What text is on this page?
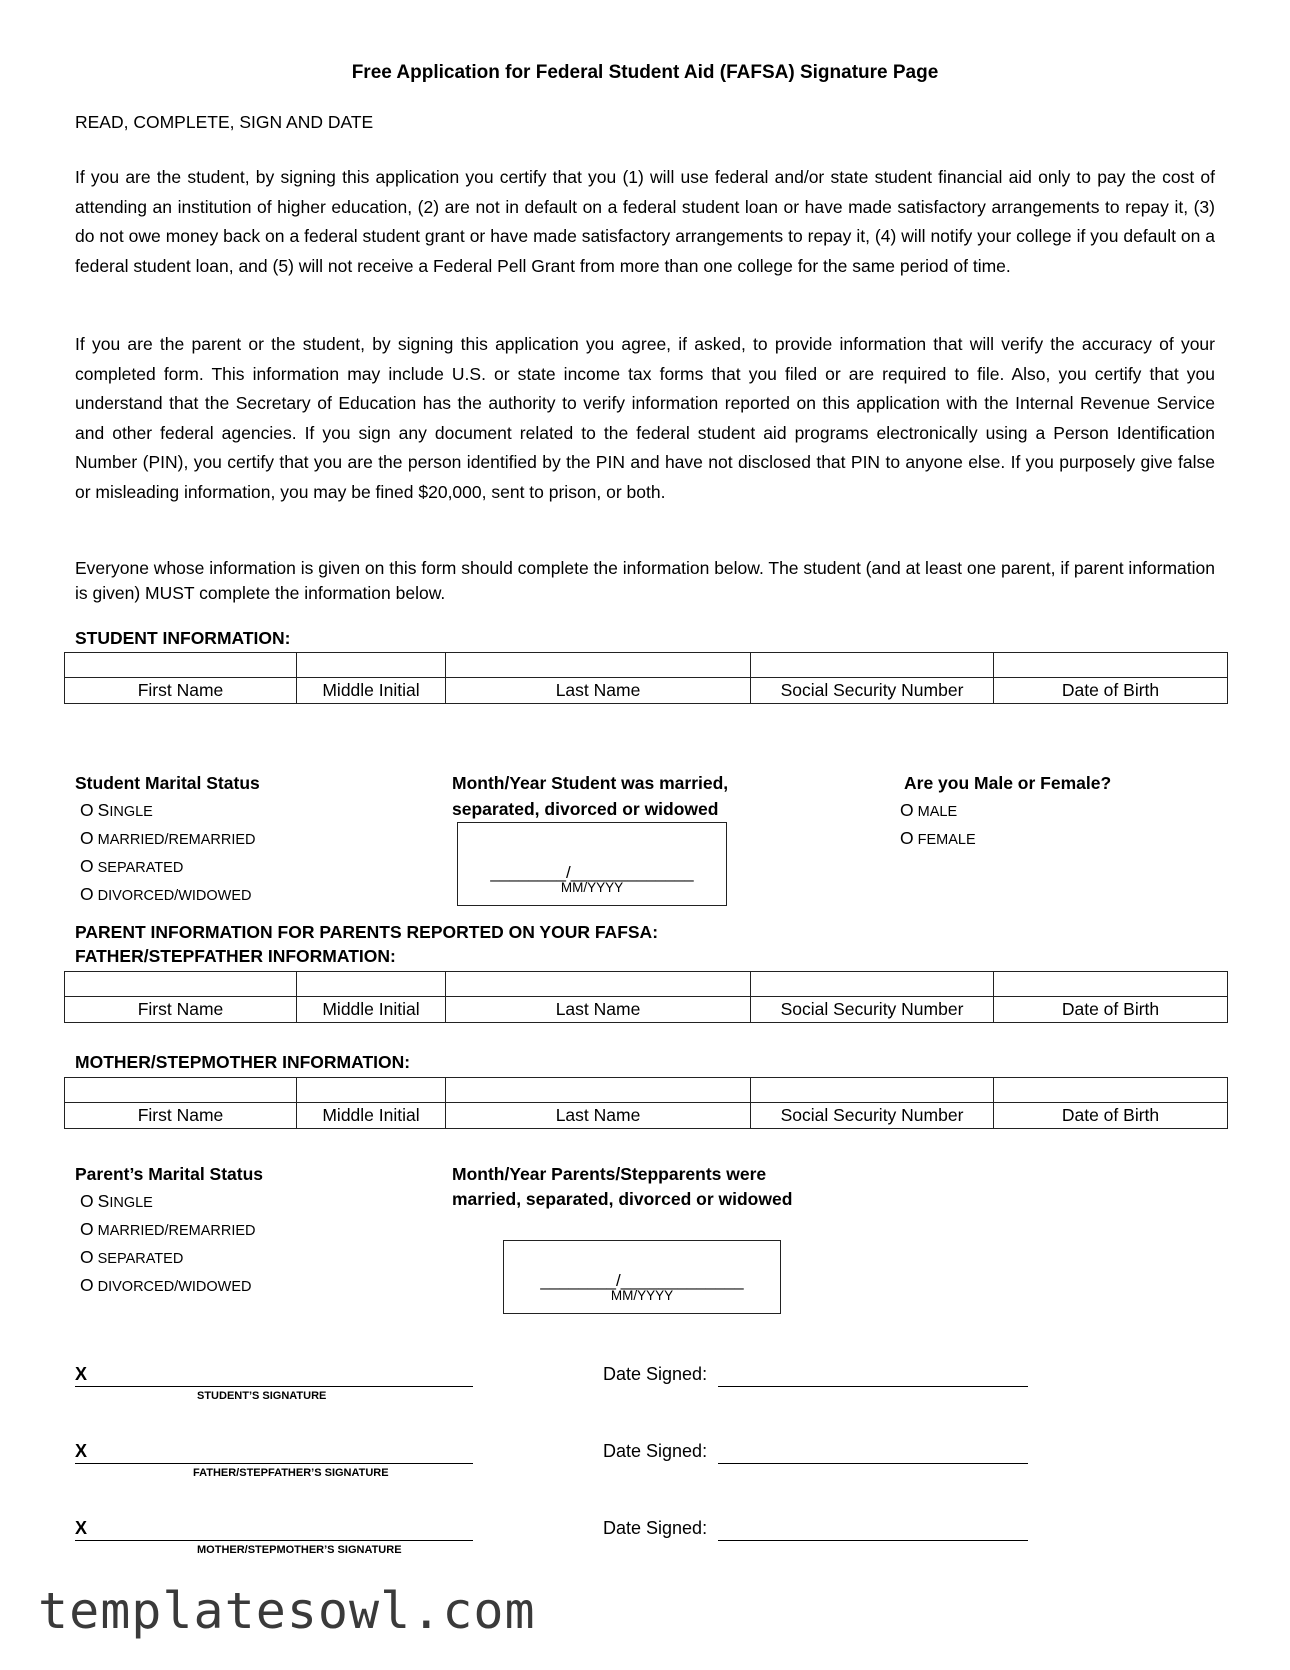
Free Application for Federal Student Aid (FAFSA) Signature Page
READ, COMPLETE, SIGN AND DATE
If you are the student, by signing this application you certify that you (1) will use federal and/or state student financial aid only to pay the cost of attending an institution of higher education, (2) are not in default on a federal student loan or have made satisfactory arrangements to repay it, (3) do not owe money back on a federal student grant or have made satisfactory arrangements to repay it, (4) will notify your college if you default on a federal student loan, and (5) will not receive a Federal Pell Grant from more than one college for the same period of time.
If you are the parent or the student, by signing this application you agree, if asked, to provide information that will verify the accuracy of your completed form. This information may include U.S. or state income tax forms that you filed or are required to file. Also, you certify that you understand that the Secretary of Education has the authority to verify information reported on this application with the Internal Revenue Service and other federal agencies. If you sign any document related to the federal student aid programs electronically using a Person Identification Number (PIN), you certify that you are the person identified by the PIN and have not disclosed that PIN to anyone else. If you purposely give false or misleading information, you may be fined $20,000, sent to prison, or both.
Everyone whose information is given on this form should complete the information below. The student (and at least one parent, if parent information is given) MUST complete the information below.
STUDENT INFORMATION:

First Name	Middle Initial	Last Name	Social Security Number	Date of Birth
Student Marital Status
O SINGLE
O MARRIED/REMARRIED
O SEPARATED
O DIVORCED/WIDOWED
Month/Year Student was married,
separated, divorced or widowed
________/_____________
MM/YYYY
Are you Male or Female?
O MALE
O FEMALE
PARENT INFORMATION FOR PARENTS REPORTED ON YOUR FAFSA:
FATHER/STEPFATHER INFORMATION:

First Name	Middle Initial	Last Name	Social Security Number	Date of Birth
MOTHER/STEPMOTHER INFORMATION:

First Name	Middle Initial	Last Name	Social Security Number	Date of Birth
Parent’s Marital Status
O SINGLE
O MARRIED/REMARRIED
O SEPARATED
O DIVORCED/WIDOWED
Month/Year Parents/Stepparents were
married, separated, divorced or widowed
________/_____________
MM/YYYY
X
STUDENT’S SIGNATURE
Date Signed:
X
FATHER/STEPFATHER’S SIGNATURE
Date Signed:
X
MOTHER/STEPMOTHER’S SIGNATURE
Date Signed:
templatesowl.com
